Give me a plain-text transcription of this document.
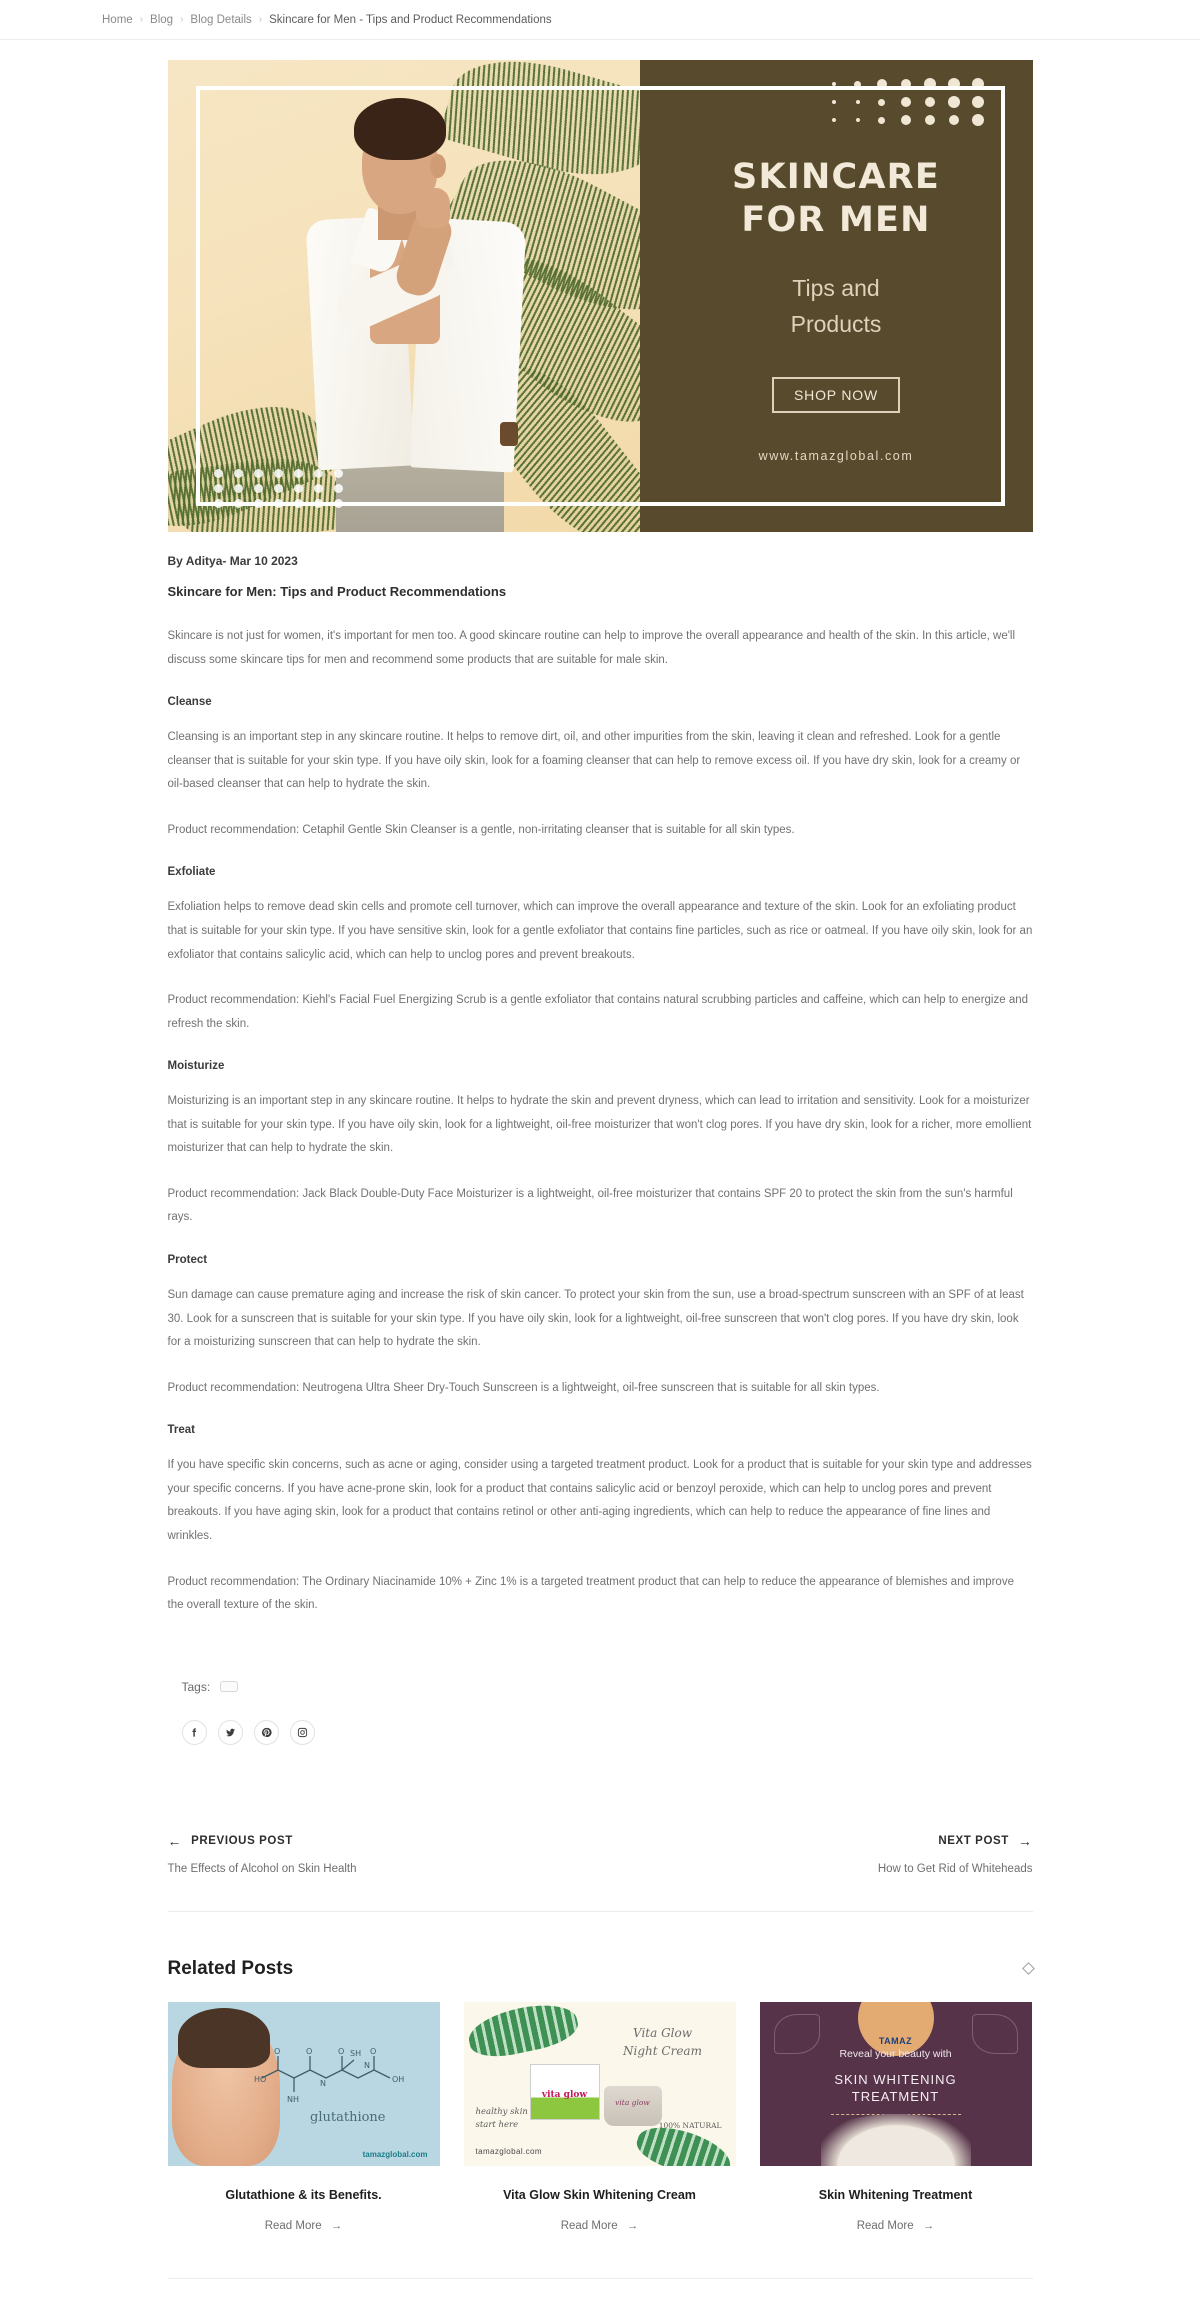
Home › Blog › Blog Details › Skincare for Men - Tips and Product Recommendations
SKINCARE
FOR MEN
Tips and
Products
SHOP NOW
www.tamazglobal.com
By Aditya- Mar 10 2023
Skincare for Men: Tips and Product Recommendations

Skincare is not just for women, it's important for men too. A good skincare routine can help to improve the overall appearance and health of the skin. In this article, we'll discuss some skincare tips for men and recommend some products that are suitable for male skin.

Cleanse

Cleansing is an important step in any skincare routine. It helps to remove dirt, oil, and other impurities from the skin, leaving it clean and refreshed. Look for a gentle cleanser that is suitable for your skin type. If you have oily skin, look for a foaming cleanser that can help to remove excess oil. If you have dry skin, look for a creamy or oil-based cleanser that can help to hydrate the skin.

Product recommendation: Cetaphil Gentle Skin Cleanser is a gentle, non-irritating cleanser that is suitable for all skin types.

Exfoliate

Exfoliation helps to remove dead skin cells and promote cell turnover, which can improve the overall appearance and texture of the skin. Look for an exfoliating product that is suitable for your skin type. If you have sensitive skin, look for a gentle exfoliator that contains fine particles, such as rice or oatmeal. If you have oily skin, look for an exfoliator that contains salicylic acid, which can help to unclog pores and prevent breakouts.

Product recommendation: Kiehl's Facial Fuel Energizing Scrub is a gentle exfoliator that contains natural scrubbing particles and caffeine, which can help to energize and refresh the skin.

Moisturize

Moisturizing is an important step in any skincare routine. It helps to hydrate the skin and prevent dryness, which can lead to irritation and sensitivity. Look for a moisturizer that is suitable for your skin type. If you have oily skin, look for a lightweight, oil-free moisturizer that won't clog pores. If you have dry skin, look for a richer, more emollient moisturizer that can help to hydrate the skin.

Product recommendation: Jack Black Double-Duty Face Moisturizer is a lightweight, oil-free moisturizer that contains SPF 20 to protect the skin from the sun's harmful rays.

Protect

Sun damage can cause premature aging and increase the risk of skin cancer. To protect your skin from the sun, use a broad-spectrum sunscreen with an SPF of at least 30. Look for a sunscreen that is suitable for your skin type. If you have oily skin, look for a lightweight, oil-free sunscreen that won't clog pores. If you have dry skin, look for a moisturizing sunscreen that can help to hydrate the skin.

Product recommendation: Neutrogena Ultra Sheer Dry-Touch Sunscreen is a lightweight, oil-free sunscreen that is suitable for all skin types.

Treat

If you have specific skin concerns, such as acne or aging, consider using a targeted treatment product. Look for a product that is suitable for your skin type and addresses your specific concerns. If you have acne-prone skin, look for a product that contains salicylic acid or benzoyl peroxide, which can help to unclog pores and prevent breakouts. If you have aging skin, look for a product that contains retinol or other anti-aging ingredients, which can help to reduce the appearance of fine lines and wrinkles.

Product recommendation: The Ordinary Niacinamide 10% + Zinc 1% is a targeted treatment product that can help to reduce the appearance of blemishes and improve the overall texture of the skin.

Tags:
← PREVIOUS POST
The Effects of Alcohol on Skin Health
NEXT POST →
How to Get Rid of Whiteheads
Related Posts
HO
O	O	O	O
NH
SH
OH
N
N
glutathione
tamazglobal.com
Glutathione & its Benefits.
Read More →
vita glow
vita glow
Vita Glow
Night Cream
100% NATURAL
healthy skin
start here
tamazglobal.com
Vita Glow Skin Whitening Cream
Read More →
TAMAZ
Reveal your beauty with
SKIN WHITENING
TREATMENT
Skin Whitening Treatment
Read More →
